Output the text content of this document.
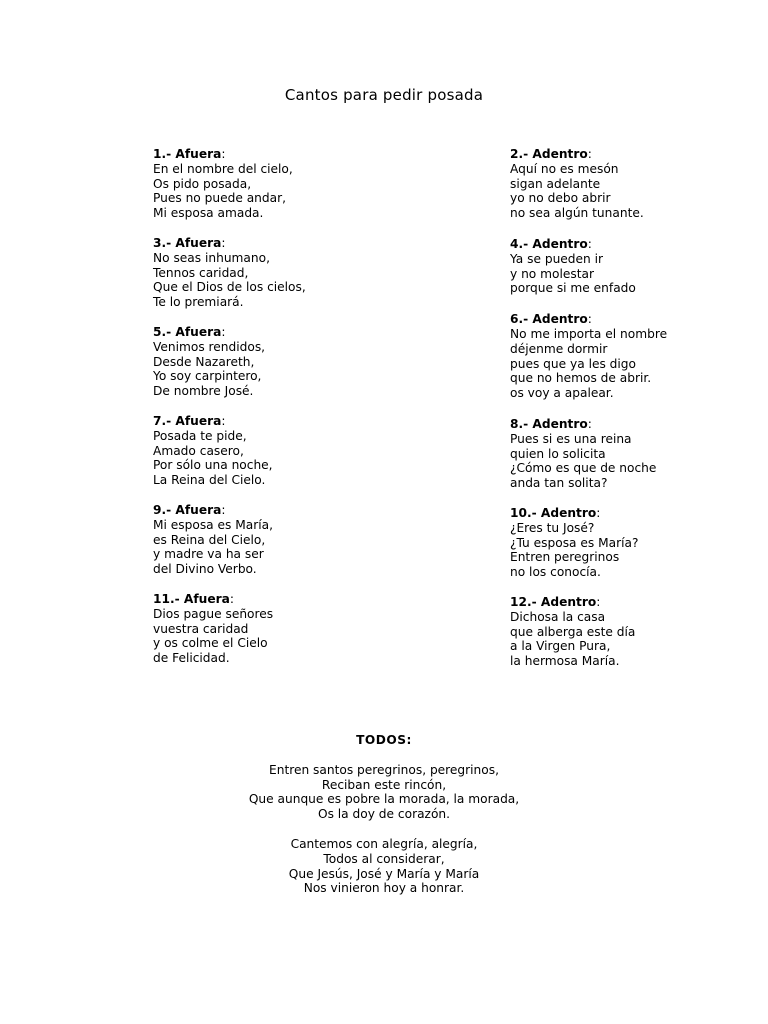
Cantos para pedir posada
1.- Afuera:
En el nombre del cielo,
Os pido posada,
Pues no puede andar,
Mi esposa amada.
3.- Afuera:
No seas inhumano,
Tennos caridad,
Que el Dios de los cielos,
Te lo premiará.
5.- Afuera:
Venimos rendidos,
Desde Nazareth,
Yo soy carpintero,
De nombre José.
7.- Afuera:
Posada te pide,
Amado casero,
Por sólo una noche,
La Reina del Cielo.
9.- Afuera:
Mi esposa es María,
es Reina del Cielo,
y madre va ha ser
del Divino Verbo.
11.- Afuera:
Dios pague señores
vuestra caridad
y os colme el Cielo
de Felicidad.
2.- Adentro:
Aquí no es mesón
sigan adelante
yo no debo abrir
no sea algún tunante.
4.- Adentro:
Ya se pueden ir
y no molestar
porque si me enfado
6.- Adentro:
No me importa el nombre
déjenme dormir
pues que ya les digo
que no hemos de abrir.
os voy a apalear.
8.- Adentro:
Pues si es una reina
quien lo solicita
¿Cómo es que de noche
anda tan solita?
10.- Adentro:
¿Eres tu José?
¿Tu esposa es María?
Entren peregrinos
no los conocía.
12.- Adentro:
Dichosa la casa
que alberga este día
a la Virgen Pura,
la hermosa María.
TODOS:
Entren santos peregrinos, peregrinos,
Reciban este rincón,
Que aunque es pobre la morada, la morada,
Os la doy de corazón.
Cantemos con alegría, alegría,
Todos al considerar,
Que Jesús, José y María y María
Nos vinieron hoy a honrar.
